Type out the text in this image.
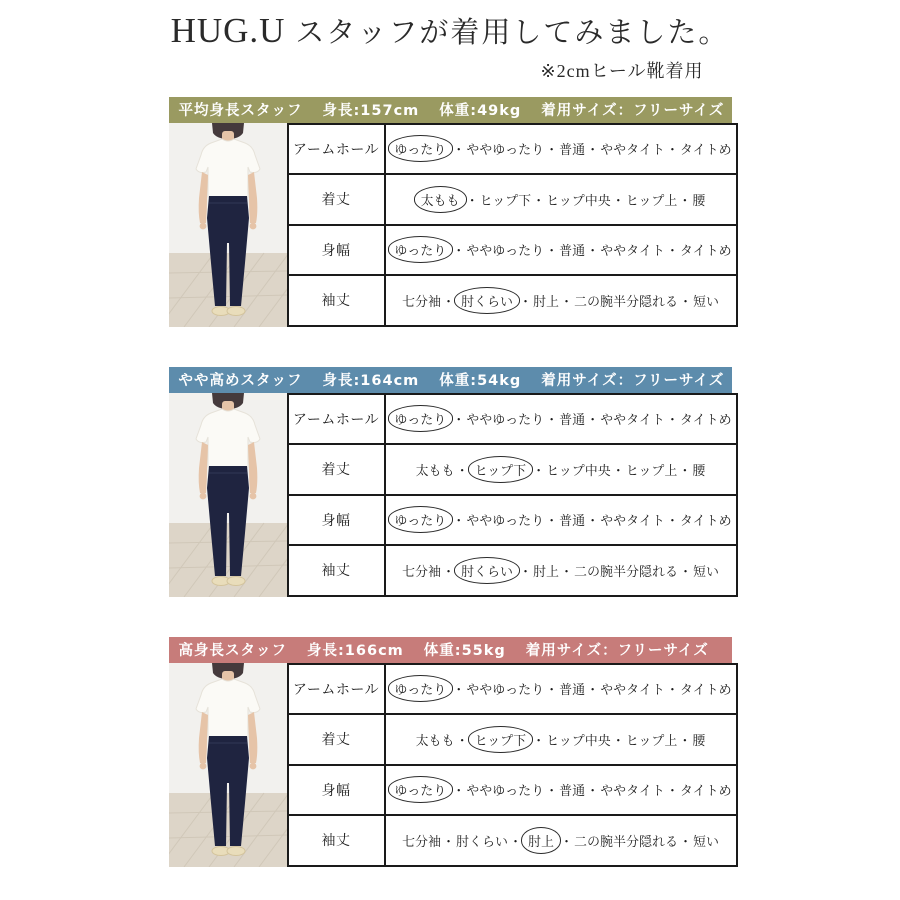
HUG.U スタッフが着用してみました。
※2cmヒール靴着用
平均身長スタッフ 身長:157cm 体重:49kg 着用サイズ：フリーサイズ
アームホール	ゆったり ・ ややゆったり ・ 普通 ・ ややタイト ・ タイトめ
着丈	太もも ・ ヒップ下 ・ ヒップ中央 ・ ヒップ上 ・ 腰
身幅	ゆったり ・ ややゆったり ・ 普通 ・ ややタイト ・ タイトめ
袖丈	七分袖 ・ 肘くらい ・ 肘上 ・ 二の腕半分隠れる ・ 短い
やや高めスタッフ 身長:164cm 体重:54kg 着用サイズ：フリーサイズ
アームホール	ゆったり ・ ややゆったり ・ 普通 ・ ややタイト ・ タイトめ
着丈	太もも ・ ヒップ下 ・ ヒップ中央 ・ ヒップ上 ・ 腰
身幅	ゆったり ・ ややゆったり ・ 普通 ・ ややタイト ・ タイトめ
袖丈	七分袖 ・ 肘くらい ・ 肘上 ・ 二の腕半分隠れる ・ 短い
高身長スタッフ 身長:166cm 体重:55kg 着用サイズ：フリーサイズ
アームホール	ゆったり ・ ややゆったり ・ 普通 ・ ややタイト ・ タイトめ
着丈	太もも ・ ヒップ下 ・ ヒップ中央 ・ ヒップ上 ・ 腰
身幅	ゆったり ・ ややゆったり ・ 普通 ・ ややタイト ・ タイトめ
袖丈	七分袖 ・ 肘くらい ・ 肘上 ・ 二の腕半分隠れる ・ 短い
